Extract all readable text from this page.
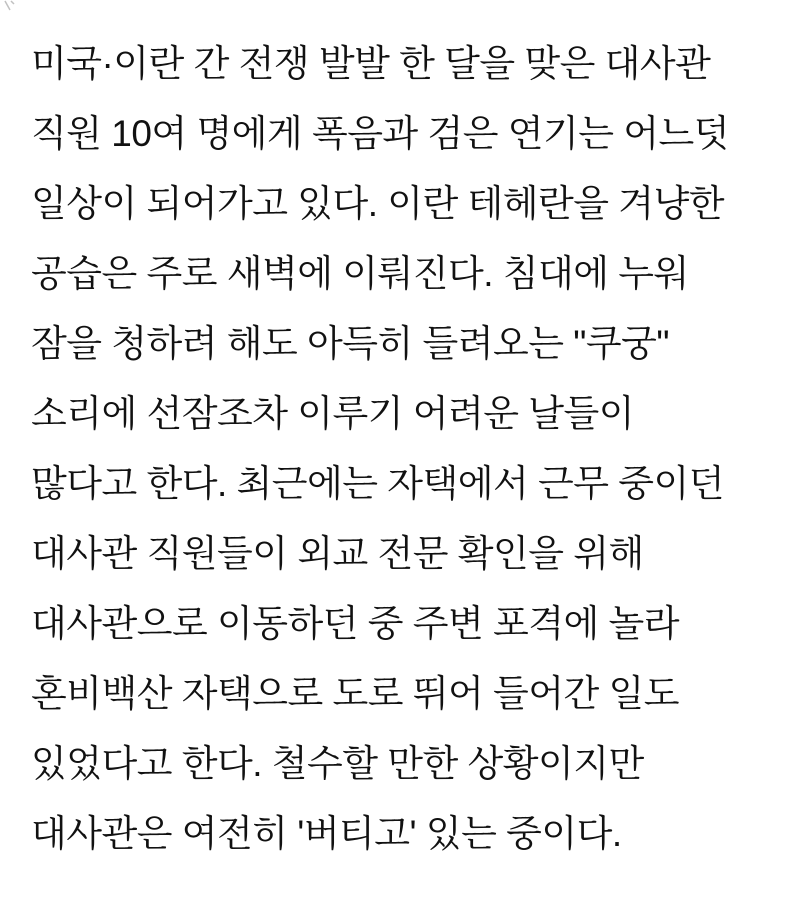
미국·이란 간 전쟁 발발 한 달을 맞은 대사관
직원 10여 명에게 폭음과 검은 연기는 어느덧
일상이 되어가고 있다. 이란 테헤란을 겨냥한
공습은 주로 새벽에 이뤄진다. 침대에 누워
잠을 청하려 해도 아득히 들려오는 "쿠궁"
소리에 선잠조차 이루기 어려운 날들이
많다고 한다. 최근에는 자택에서 근무 중이던
대사관 직원들이 외교 전문 확인을 위해
대사관으로 이동하던 중 주변 포격에 놀라
혼비백산 자택으로 도로 뛰어 들어간 일도
있었다고 한다. 철수할 만한 상황이지만
대사관은 여전히 '버티고' 있는 중이다.
